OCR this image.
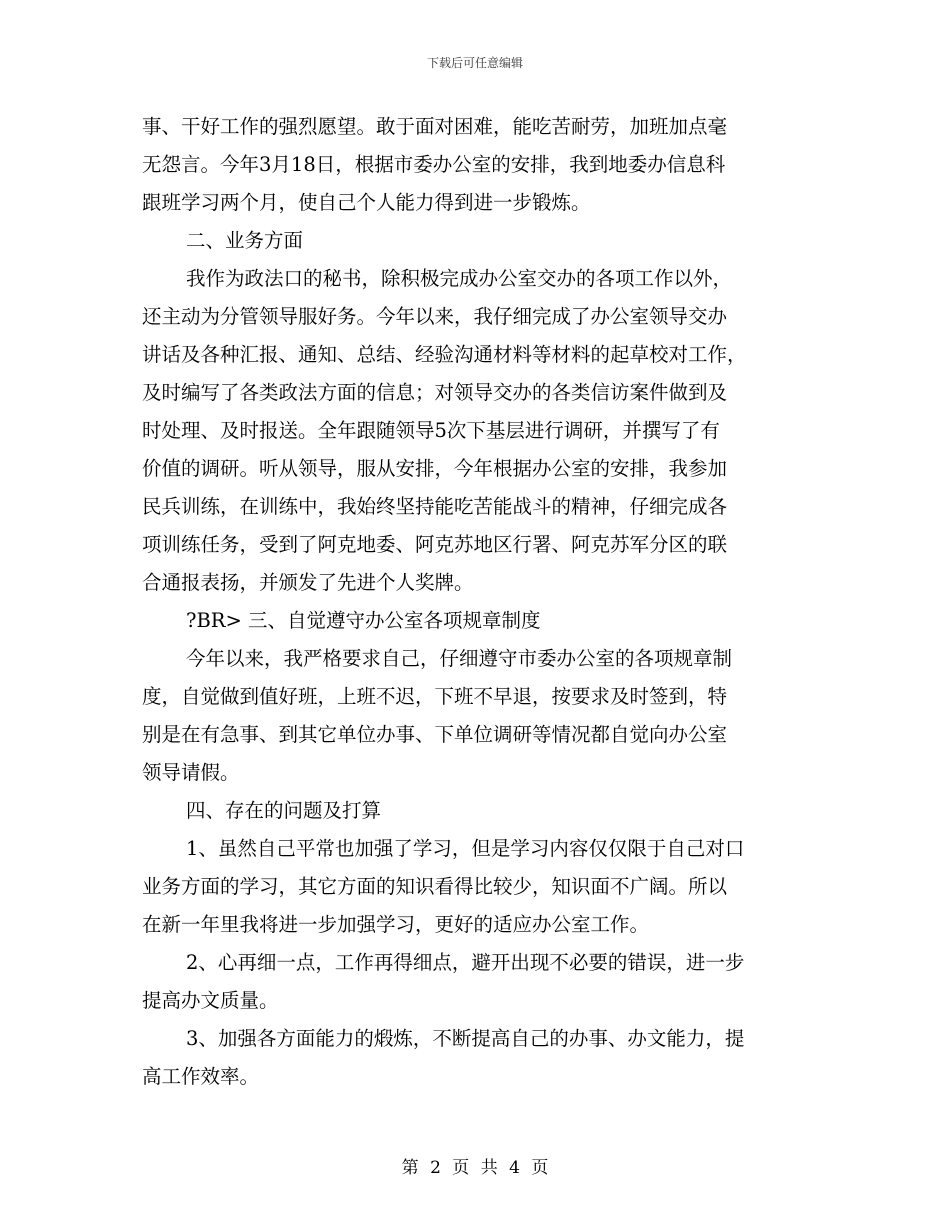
下载后可任意编辑
事、干好工作的强烈愿望。敢于面对困难，能吃苦耐劳，加班加点毫
无怨言。今年3月18日，根据市委办公室的安排，我到地委办信息科
跟班学习两个月，使自己个人能力得到进一步锻炼。
二、业务方面
我作为政法口的秘书，除积极完成办公室交办的各项工作以外，
还主动为分管领导服好务。今年以来，我仔细完成了办公室领导交办
讲话及各种汇报、通知、总结、经验沟通材料等材料的起草校对工作，
及时编写了各类政法方面的信息；对领导交办的各类信访案件做到及
时处理、及时报送。全年跟随领导5次下基层进行调研，并撰写了有
价值的调研。听从领导，服从安排，今年根据办公室的安排，我参加
民兵训练，在训练中，我始终坚持能吃苦能战斗的精神，仔细完成各
项训练任务，受到了阿克地委、阿克苏地区行署、阿克苏军分区的联
合通报表扬，并颁发了先进个人奖牌。
?BR> 三、自觉遵守办公室各项规章制度
今年以来，我严格要求自己，仔细遵守市委办公室的各项规章制
度，自觉做到值好班，上班不迟，下班不早退，按要求及时签到，特
别是在有急事、到其它单位办事、下单位调研等情况都自觉向办公室
领导请假。
四、存在的问题及打算
1、虽然自己平常也加强了学习，但是学习内容仅仅限于自己对口
业务方面的学习，其它方面的知识看得比较少，知识面不广阔。所以
在新一年里我将进一步加强学习，更好的适应办公室工作。
2、心再细一点，工作再得细点，避开出现不必要的错误，进一步
提高办文质量。
3、加强各方面能力的煅炼，不断提高自己的办事、办文能力，提
高工作效率。
第 2 页 共 4 页
